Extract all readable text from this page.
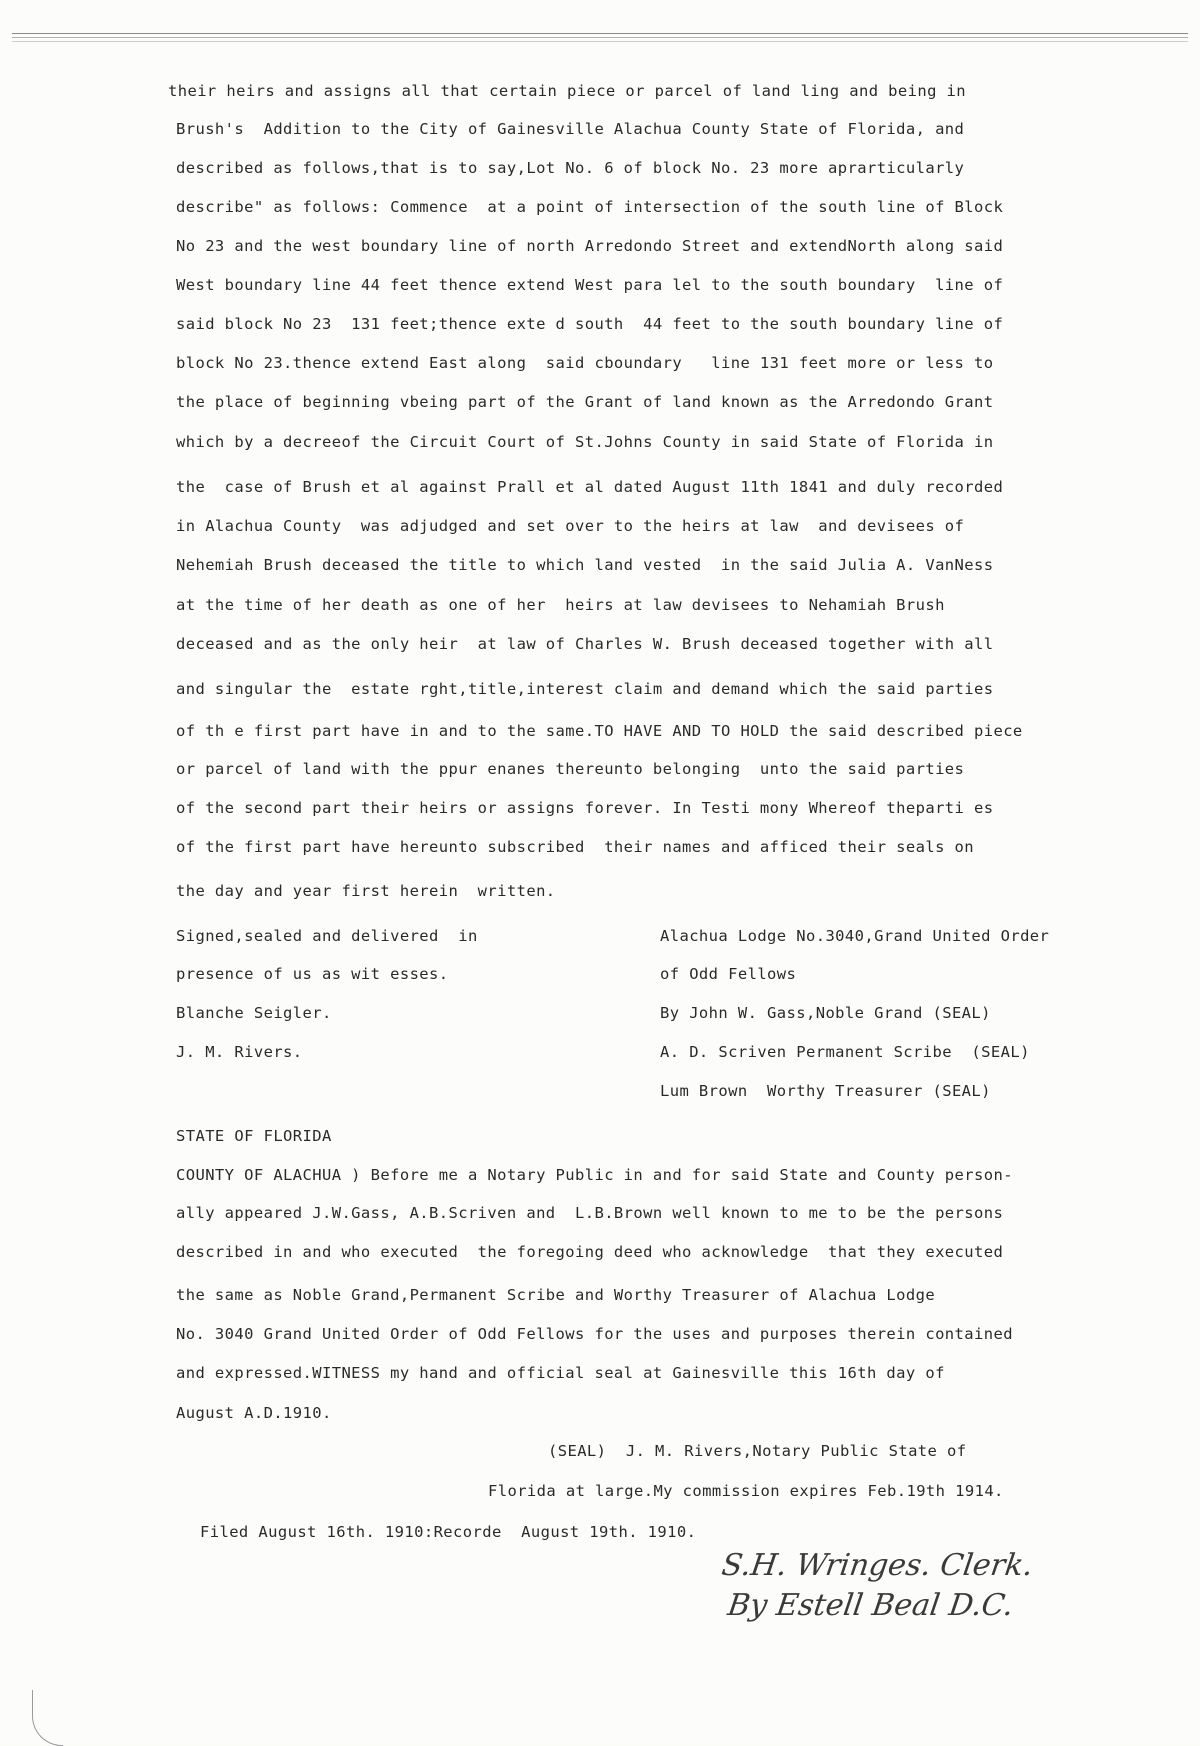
their heirs and assigns all that certain piece or parcel of land ling and being in
Brush's  Addition to the City of Gainesville Alachua County State of Florida, and
described as follows,that is to say,Lot No. 6 of block No. 23 more aprarticularly
describe" as follows: Commence  at a point of intersection of the south line of Block
No 23 and the west boundary line of north Arredondo Street and extendNorth along said
West boundary line 44 feet thence extend West para lel to the south boundary  line of
said block No 23  131 feet;thence exte d south  44 feet to the south boundary line of
block No 23.thence extend East along  said cboundary   line 131 feet more or less to
the place of beginning vbeing part of the Grant of land known as the Arredondo Grant
which by a decreeof the Circuit Court of St.Johns County in said State of Florida in
the  case of Brush et al against Prall et al dated August 11th 1841 and duly recorded
in Alachua County  was adjudged and set over to the heirs at law  and devisees of
Nehemiah Brush deceased the title to which land vested  in the said Julia A. VanNess
at the time of her death as one of her  heirs at law devisees to Nehamiah Brush
deceased and as the only heir  at law of Charles W. Brush deceased together with all
and singular the  estate rght,title,interest claim and demand which the said parties
of th e first part have in and to the same.TO HAVE AND TO HOLD the said described piece
or parcel of land with the ppur enanes thereunto belonging  unto the said parties
of the second part their heirs or assigns forever. In Testi mony Whereof theparti es
of the first part have hereunto subscribed  their names and afficed their seals on
the day and year first herein  written.
Signed,sealed and delivered  in
presence of us as wit esses.
Blanche Seigler.
J. M. Rivers.
Alachua Lodge No.3040,Grand United Order
of Odd Fellows
By John W. Gass,Noble Grand (SEAL)
A. D. Scriven Permanent Scribe  (SEAL)
Lum Brown  Worthy Treasurer (SEAL)
STATE OF FLORIDA
COUNTY OF ALACHUA ) Before me a Notary Public in and for said State and County person-
ally appeared J.W.Gass, A.B.Scriven and  L.B.Brown well known to me to be the persons
described in and who executed  the foregoing deed who acknowledge  that they executed
the same as Noble Grand,Permanent Scribe and Worthy Treasurer of Alachua Lodge
No. 3040 Grand United Order of Odd Fellows for the uses and purposes therein contained
and expressed.WITNESS my hand and official seal at Gainesville this 16th day of
August A.D.1910.
(SEAL)  J. M. Rivers,Notary Public State of
Florida at large.My commission expires Feb.19th 1914.
Filed August 16th. 1910:Recorde  August 19th. 1910.
S.H. Wringes. Clerk.
By Estell Beal D.C.
